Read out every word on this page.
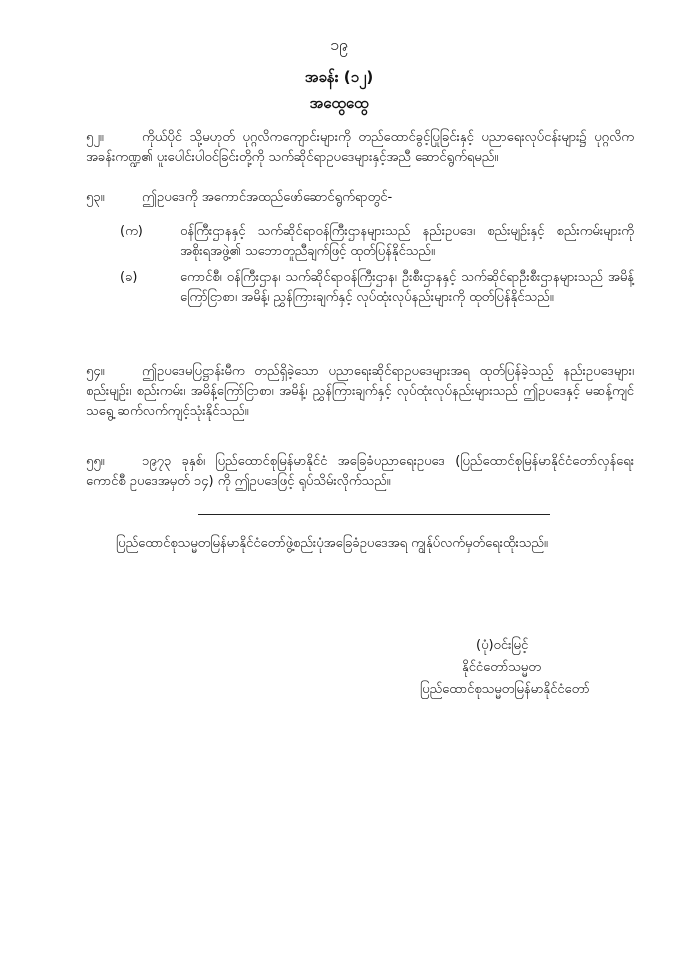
၁၉
အခန်း (၁၂)
အထွေထွေ
၅၂။	ကိုယ်ပိုင် သို့မဟုတ် ပုဂ္ဂလိကကျောင်းများကို တည်ထောင်ခွင့်ပြုခြင်းနှင့် ပညာရေးလုပ်ငန်းများ၌ ပုဂ္ဂလိကအခန်းကဏ္ဍ၏ ပူးပေါင်းပါဝင်ခြင်းတို့ကို သက်ဆိုင်ရာဥပဒေများနှင့်အညီ ဆောင်ရွက်ရမည်။
၅၃။	ဤဥပဒေကို အကောင်အထည်ဖော်ဆောင်ရွက်ရာတွင်-
(က)	ဝန်ကြီးဌာနနှင့် သက်ဆိုင်ရာဝန်ကြီးဌာနများသည် နည်းဥပဒေ၊ စည်းမျဉ်းနှင့် စည်းကမ်းများကို အစိုးရအဖွဲ့၏ သဘောတူညီချက်ဖြင့် ထုတ်ပြန်နိုင်သည်။
(ခ)	ကောင်စီ၊ ဝန်ကြီးဌာန၊ သက်ဆိုင်ရာဝန်ကြီးဌာန၊ ဦးစီးဌာနနှင့် သက်ဆိုင်ရာဦးစီးဌာနများသည် အမိန့်ကြော်ငြာစာ၊ အမိန့်၊ ညွှန်ကြားချက်နှင့် လုပ်ထုံးလုပ်နည်းများကို ထုတ်ပြန်နိုင်သည်။
၅၄။	ဤဥပဒေမပြဋ္ဌာန်းမီက တည်ရှိခဲ့သော ပညာရေးဆိုင်ရာဥပဒေများအရ ထုတ်ပြန်ခဲ့သည့် နည်းဥပဒေများ၊ စည်းမျဉ်း၊ စည်းကမ်း၊ အမိန့်ကြော်ငြာစာ၊ အမိန့်၊ ညွှန်ကြားချက်နှင့် လုပ်ထုံးလုပ်နည်းများသည် ဤဥပဒေနှင့် မဆန့်ကျင်သရွေ့ ဆက်လက်ကျင့်သုံးနိုင်သည်။
၅၅။	၁၉၇၃ ခုနှစ်၊ ပြည်ထောင်စုမြန်မာနိုင်ငံ အခြေခံပညာရေးဥပဒေ (ပြည်ထောင်စုမြန်မာနိုင်ငံတော်လှန်ရေးကောင်စီ ဥပဒေအမှတ် ၁၄) ကို ဤဥပဒေဖြင့် ရုပ်သိမ်းလိုက်သည်။
ပြည်ထောင်စုသမ္မတမြန်မာနိုင်ငံတော်ဖွဲ့စည်းပုံအခြေခံဥပဒေအရ ကျွန်ုပ်လက်မှတ်ရေးထိုးသည်။
(ပုံ)ဝင်းမြင့်
နိုင်ငံတော်သမ္မတ
ပြည်ထောင်စုသမ္မတမြန်မာနိုင်ငံတော်
